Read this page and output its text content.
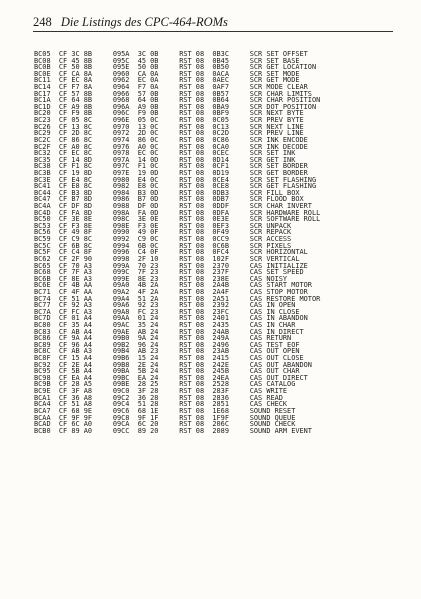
248 Die Listings des CPC-464-ROMs
BC05  CF 3C 8B     095A  3C 0B     RST 08  0B3C     SCR SET OFFSET
BC08  CF 45 8B     095C  45 0B     RST 08  0B45     SCR SET BASE
BC0B  CF 50 8B     095E  50 0B     RST 08  0B50     SCR GET LOCATION
BC0E  CF CA 8A     0960  CA 0A     RST 08  0ACA     SCR SET MODE
BC11  CF EC 8A     0962  EC 0A     RST 08  0AEC     SCR GET MODE
BC14  CF F7 8A     0964  F7 0A     RST 08  0AF7     SCR MODE CLEAR
BC17  CF 57 8B     0966  57 0B     RST 08  0B57     SCR CHAR LIMITS
BC1A  CF 64 8B     0968  64 0B     RST 08  0B64     SCR CHAR POSITION
BC1D  CF A9 8B     096A  A9 0B     RST 08  0BA9     SCR DOT POSITION
BC20  CF F9 8B     096C  F9 0B     RST 08  0BF9     SCR NEXT BYTE
BC23  CF 05 8C     096E  05 0C     RST 08  0C05     SCR PREV BYTE
BC26  CF 13 8C     0970  13 0C     RST 08  0C13     SCR NEXT LINE
BC29  CF 2D 8C     0972  2D 0C     RST 08  0C2D     SCR PREV LINE
BC2C  CF 86 8C     0974  86 0C     RST 08  0C86     SCR INK ENCODE
BC2F  CF A0 8C     0976  A0 0C     RST 08  0CA0     SCR INK DECODE
BC32  CF EC 8C     0978  EC 0C     RST 08  0CEC     SCR SET INK
BC35  CF 14 8D     097A  14 0D     RST 08  0D14     SCR GET INK
BC38  CF F1 8C     097C  F1 0C     RST 08  0CF1     SCR SET BORDER
BC3B  CF 19 8D     097E  19 0D     RST 08  0D19     SCR GET BORDER
BC3E  CF E4 8C     0980  E4 0C     RST 08  0CE4     SCR SET FLASHING
BC41  CF E8 8C     0982  E8 0C     RST 08  0CE8     SCR GET FLASHING
BC44  CF B3 8D     0984  B3 0D     RST 08  0DB3     SCR FILL BOX
BC47  CF B7 8D     0986  B7 0D     RST 08  0DB7     SCR FLOOD BOX
BC4A  CF DF 8D     0988  DF 0D     RST 08  0DDF     SCR CHAR INVERT
BC4D  CF FA 8D     098A  FA 0D     RST 08  0DFA     SCR HARDWARE ROLL
BC50  CF 3E 8E     098C  3E 0E     RST 08  0E3E     SCR SOFTWARE ROLL
BC53  CF F3 8E     098E  F3 0E     RST 08  0EF3     SCR UNPACK
BC56  CF 49 8F     0990  49 0F     RST 08  0F49     SCR REPACK
BC59  CF C9 8C     0992  C9 0C     RST 08  0CC9     SCR ACCESS
BC5C  CF 6B 8C     0994  6B 0C     RST 08  0C6B     SCR PIXELS
BC5F  CF C4 8F     0996  C4 0F     RST 08  0FC4     SCR HORIZONTAL
BC62  CF 2F 90     0998  2F 10     RST 08  102F     SCR VERTICAL
BC65  CF 70 A3     099A  70 23     RST 08  2370     CAS INITIALIZE
BC68  CF 7F A3     099C  7F 23     RST 08  237F     CAS SET SPEED
BC6B  CF 8E A3     099E  8E 23     RST 08  238E     CAS NOISY
BC6E  CF 4B AA     09A0  4B 2A     RST 08  2A4B     CAS START MOTOR
BC71  CF 4F AA     09A2  4F 2A     RST 08  2A4F     CAS STOP MOTOR
BC74  CF 51 AA     09A4  51 2A     RST 08  2A51     CAS RESTORE MOTOR
BC77  CF 92 A3     09A6  92 23     RST 08  2392     CAS IN OPEN
BC7A  CF FC A3     09A8  FC 23     RST 08  23FC     CAS IN CLOSE
BC7D  CF 01 A4     09AA  01 24     RST 08  2401     CAS IN ABANDON
BC80  CF 35 A4     09AC  35 24     RST 08  2435     CAS IN CHAR
BC83  CF AB A4     09AE  AB 24     RST 08  24AB     CAS IN DIRECT
BC86  CF 9A A4     09B0  9A 24     RST 08  249A     CAS RETURN
BC89  CF 96 A4     09B2  96 24     RST 08  2496     CAS TEST EOF
BC8C  CF AB A3     09B4  AB 23     RST 08  23AB     CAS OUT OPEN
BC8F  CF 15 A4     09B6  15 24     RST 08  2415     CAS OUT CLOSE
BC92  CF 2E A4     09B8  2E 24     RST 08  242E     CAS OUT ABANDON
BC95  CF 5B A4     09BA  5B 24     RST 08  245B     CAS OUT CHAR
BC98  CF EA A4     09BC  EA 24     RST 08  24EA     CAS OUT DIRECT
BC9B  CF 28 A5     09BE  28 25     RST 08  2528     CAS CATALOG
BC9E  CF 3F A8     09C0  3F 28     RST 08  283F     CAS WRITE
BCA1  CF 36 A8     09C2  36 28     RST 08  2836     CAS READ
BCA4  CF 51 A8     09C4  51 28     RST 08  2851     CAS CHECK
BCA7  CF 68 9E     09C6  68 1E     RST 08  1E68     SOUND RESET
BCAA  CF 9F 9F     09C8  9F 1F     RST 08  1F9F     SOUND QUEUE
BCAD  CF 6C A0     09CA  6C 20     RST 08  206C     SOUND CHECK
BCB0  CF 89 A0     09CC  89 20     RST 08  2089     SOUND ARM EVENT
